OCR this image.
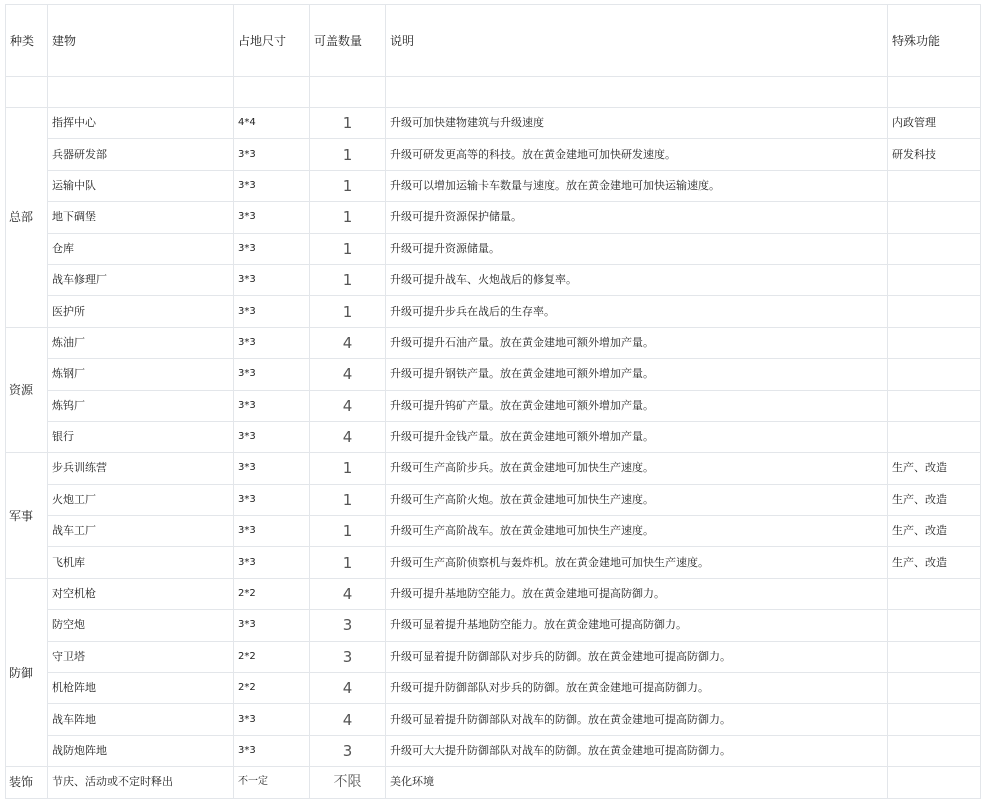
种类	建物	占地尺寸	可盖数量	说明	特殊功能

总部	指挥中心	4*4	1	升级可加快建物建筑与升级速度	内政管理
	兵器研发部	3*3	1	升级可研发更高等的科技。放在黄金建地可加快研发速度。	研发科技
	运输中队	3*3	1	升级可以增加运输卡车数量与速度。放在黄金建地可加快运输速度。	
	地下碉堡	3*3	1	升级可提升资源保护储量。	
	仓库	3*3	1	升级可提升资源储量。	
	战车修理厂	3*3	1	升级可提升战车、火炮战后的修复率。	
	医护所	3*3	1	升级可提升步兵在战后的生存率。	
资源	炼油厂	3*3	4	升级可提升石油产量。放在黄金建地可额外增加产量。	
	炼钢厂	3*3	4	升级可提升钢铁产量。放在黄金建地可额外增加产量。	
	炼钨厂	3*3	4	升级可提升钨矿产量。放在黄金建地可额外增加产量。	
	银行	3*3	4	升级可提升金钱产量。放在黄金建地可额外增加产量。	
军事	步兵训练营	3*3	1	升级可生产高阶步兵。放在黄金建地可加快生产速度。	生产、改造
	火炮工厂	3*3	1	升级可生产高阶火炮。放在黄金建地可加快生产速度。	生产、改造
	战车工厂	3*3	1	升级可生产高阶战车。放在黄金建地可加快生产速度。	生产、改造
	飞机库	3*3	1	升级可生产高阶侦察机与轰炸机。放在黄金建地可加快生产速度。	生产、改造
防御	对空机枪	2*2	4	升级可提升基地防空能力。放在黄金建地可提高防御力。	
	防空炮	3*3	3	升级可显着提升基地防空能力。放在黄金建地可提高防御力。	
	守卫塔	2*2	3	升级可显着提升防御部队对步兵的防御。放在黄金建地可提高防御力。	
	机枪阵地	2*2	4	升级可提升防御部队对步兵的防御。放在黄金建地可提高防御力。	
	战车阵地	3*3	4	升级可显着提升防御部队对战车的防御。放在黄金建地可提高防御力。	
	战防炮阵地	3*3	3	升级可大大提升防御部队对战车的防御。放在黄金建地可提高防御力。	
装饰	节庆、活动或不定时释出	不一定	不限	美化环境	
